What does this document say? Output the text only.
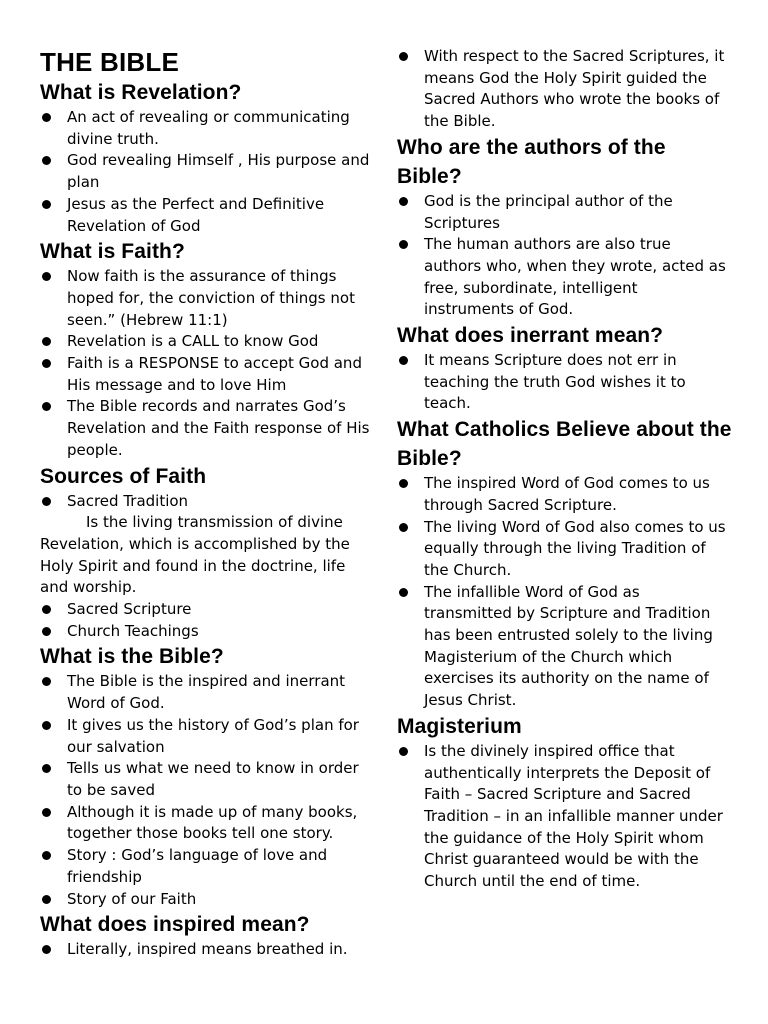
THE BIBLE
What is Revelation?
An act of revealing or communicating divine truth.
God revealing Himself , His purpose and plan
Jesus as the Perfect and Definitive Revelation of God
What is Faith?
Now faith is the assurance of things hoped for, the conviction of things not seen.” (Hebrew 11:1)
Revelation is a CALL to know God
Faith is a RESPONSE to accept God and His message and to love Him
The Bible records and narrates God’s Revelation and the Faith response of His people.
Sources of Faith
Sacred Tradition

Is the living transmission of divine Revelation, which is accomplished by the Holy Spirit and found in the doctrine, life and worship.

Sacred Scripture
Church Teachings
What is the Bible?
The Bible is the inspired and inerrant Word of God.
It gives us the history of God’s plan for our salvation
Tells us what we need to know in order to be saved
Although it is made up of many books, together those books tell one story.
Story : God’s language of love and friendship
Story of our Faith
What does inspired mean?
Literally, inspired means breathed in.
With respect to the Sacred Scriptures, it means God the Holy Spirit guided the Sacred Authors who wrote the books of the Bible.
Who are the authors of the Bible?
God is the principal author of the Scriptures
The human authors are also true authors who, when they wrote, acted as free, subordinate, intelligent instruments of God.
What does inerrant mean?
It means Scripture does not err in teaching the truth God wishes it to teach.
What Catholics Believe about the Bible?
The inspired Word of God comes to us through Sacred Scripture.
The living Word of God also comes to us equally through the living Tradition of the Church.
The infallible Word of God as transmitted by Scripture and Tradition has been entrusted solely to the living Magisterium of the Church which exercises its authority on the name of Jesus Christ.
Magisterium
Is the divinely inspired office that authentically interprets the Deposit of Faith – Sacred Scripture and Sacred Tradition – in an infallible manner under the guidance of the Holy Spirit whom Christ guaranteed would be with the Church until the end of time.
